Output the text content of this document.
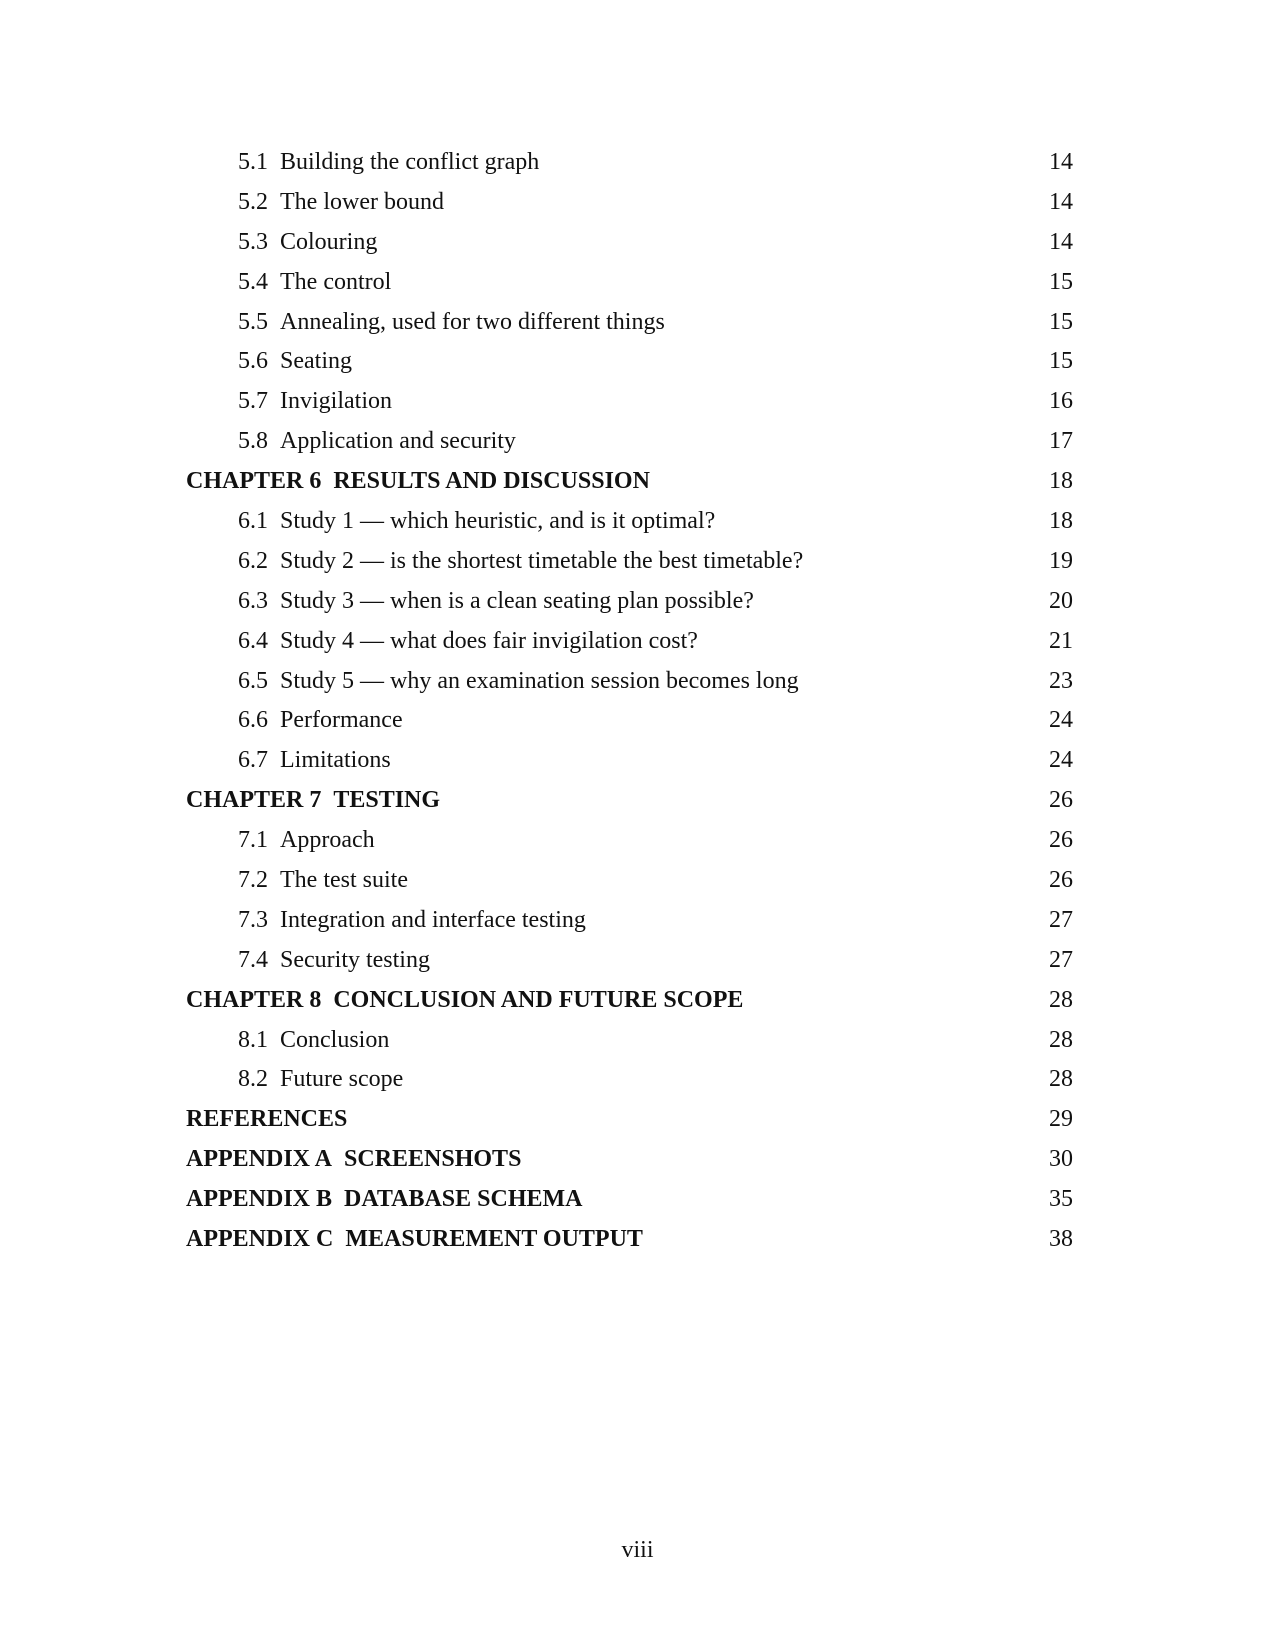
5.1 Building the conflict graph	14
5.2 The lower bound	14
5.3 Colouring	14
5.4 The control	15
5.5 Annealing, used for two different things	15
5.6 Seating	15
5.7 Invigilation	16
5.8 Application and security	17
CHAPTER 6 RESULTS AND DISCUSSION	18
6.1 Study 1 — which heuristic, and is it optimal?	18
6.2 Study 2 — is the shortest timetable the best timetable?	19
6.3 Study 3 — when is a clean seating plan possible?	20
6.4 Study 4 — what does fair invigilation cost?	21
6.5 Study 5 — why an examination session becomes long	23
6.6 Performance	24
6.7 Limitations	24
CHAPTER 7 TESTING	26
7.1 Approach	26
7.2 The test suite	26
7.3 Integration and interface testing	27
7.4 Security testing	27
CHAPTER 8 CONCLUSION AND FUTURE SCOPE	28
8.1 Conclusion	28
8.2 Future scope	28
REFERENCES	29
APPENDIX A SCREENSHOTS	30
APPENDIX B DATABASE SCHEMA	35
APPENDIX C MEASUREMENT OUTPUT	38
viii
